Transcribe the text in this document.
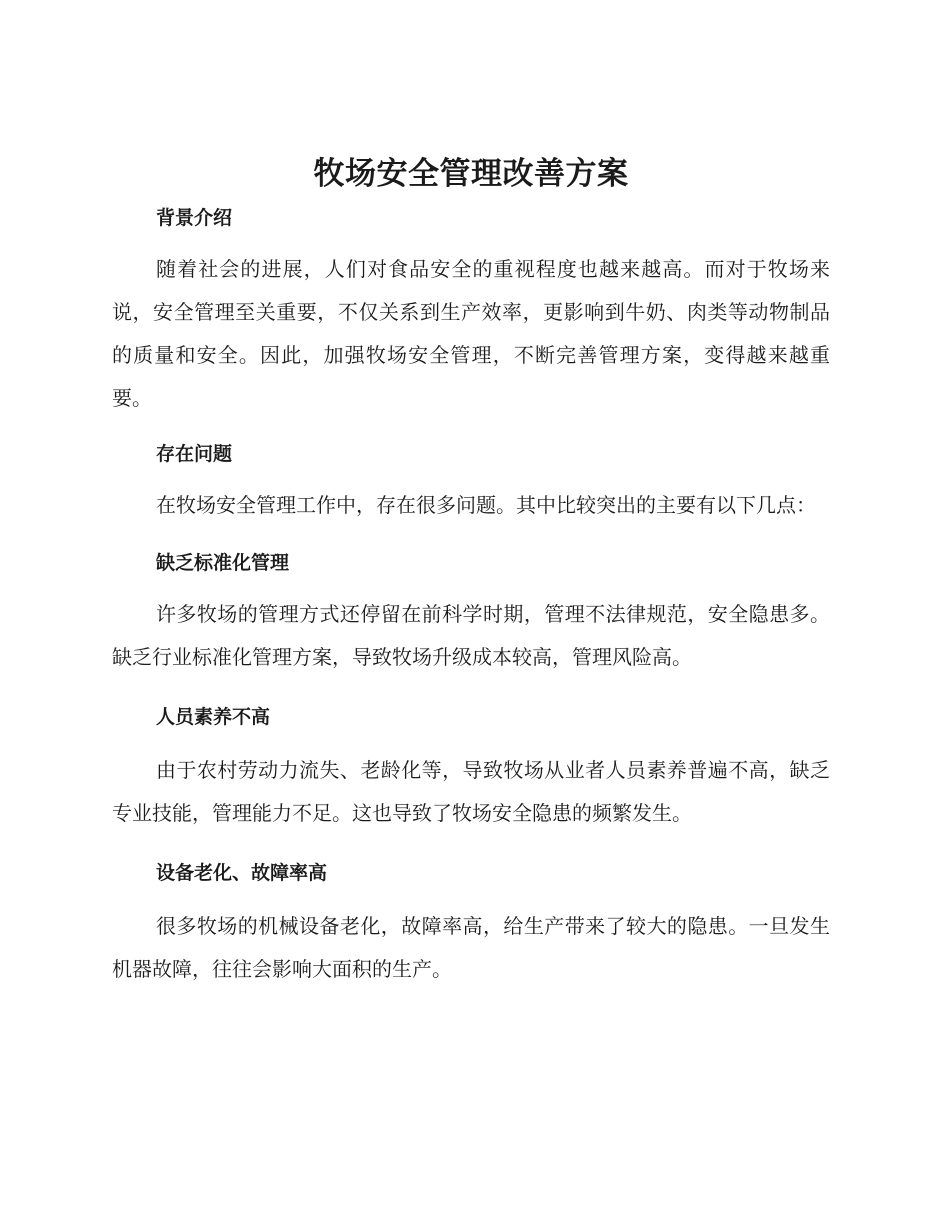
牧场安全管理改善方案
背景介绍

随着社会的进展，人们对食品安全的重视程度也越来越高。而对于牧场来说，安全管理至关重要，不仅关系到生产效率，更影响到牛奶、肉类等动物制品的质量和安全。因此，加强牧场安全管理，不断完善管理方案，变得越来越重要。

存在问题

在牧场安全管理工作中，存在很多问题。其中比较突出的主要有以下几点：

缺乏标准化管理

许多牧场的管理方式还停留在前科学时期，管理不法律规范，安全隐患多。缺乏行业标准化管理方案，导致牧场升级成本较高，管理风险高。

人员素养不高

由于农村劳动力流失、老龄化等，导致牧场从业者人员素养普遍不高，缺乏专业技能，管理能力不足。这也导致了牧场安全隐患的频繁发生。

设备老化、故障率高

很多牧场的机械设备老化，故障率高，给生产带来了较大的隐患。一旦发生机器故障，往往会影响大面积的生产。
